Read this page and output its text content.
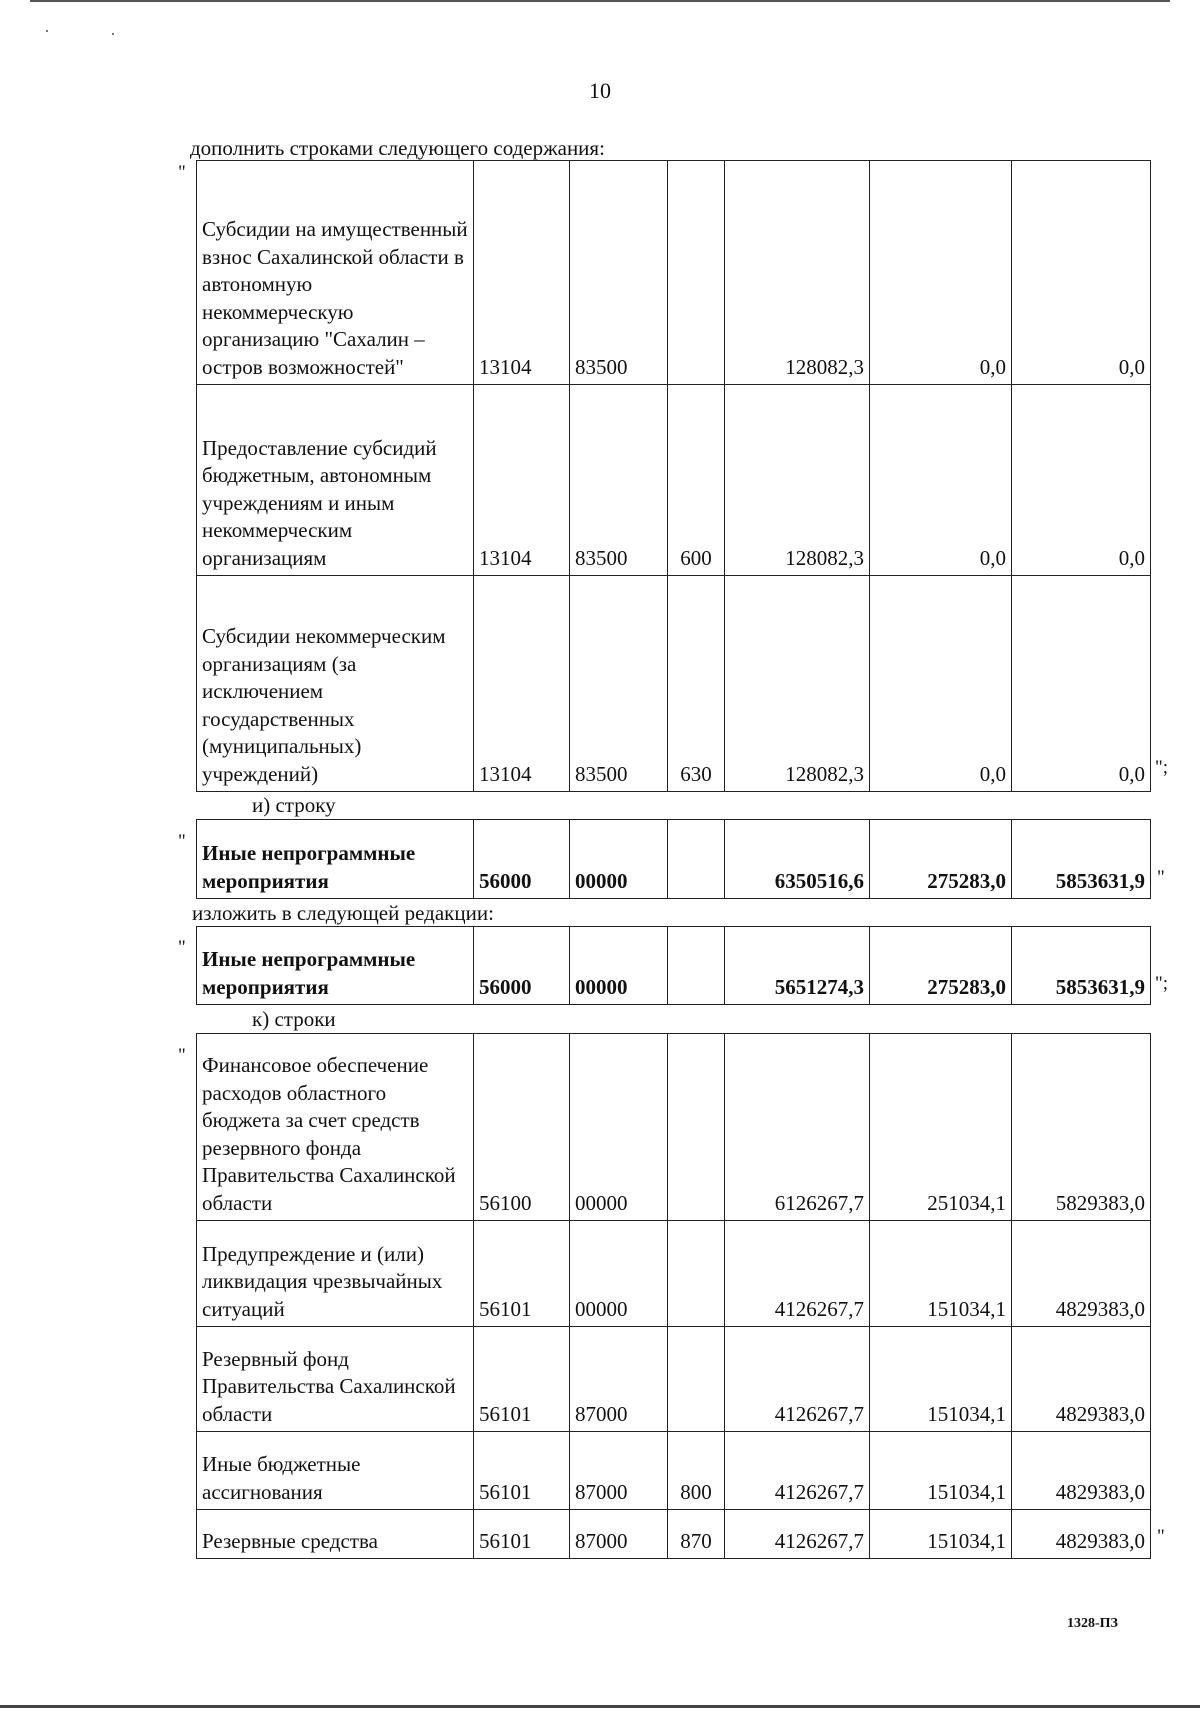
10
дополнить строками следующего содержания:
"
Субсидии на имущественный взнос Сахалинской области в автономную некоммерческую организацию "Сахалин – остров возможностей"	13104	83500		128082,3	0,0	0,0
Предоставление субсидий бюджетным, автономным учреждениям и иным некоммерческим организациям	13104	83500	600	128082,3	0,0	0,0
Субсидии некоммерческим организациям (за исключением государственных (муниципальных) учреждений)	13104	83500	630	128082,3	0,0	0,0 ";
и) строку
" Иные непрограммные мероприятия	56000	00000		6350516,6	275283,0	5853631,9 "
изложить в следующей редакции:
" Иные непрограммные мероприятия	56000	00000		5651274,3	275283,0	5853631,9 ";
к) строки
" Финансовое обеспечение расходов областного бюджета за счет средств резервного фонда Правительства Сахалинской области	56100	00000		6126267,7	251034,1	5829383,0
Предупреждение и (или) ликвидация чрезвычайных ситуаций	56101	00000		4126267,7	151034,1	4829383,0
Резервный фонд Правительства Сахалинской области	56101	87000		4126267,7	151034,1	4829383,0
Иные бюджетные ассигнования	56101	87000	800	4126267,7	151034,1	4829383,0
Резервные средства	56101	87000	870	4126267,7	151034,1	4829383,0 "
1328-ПЗ
